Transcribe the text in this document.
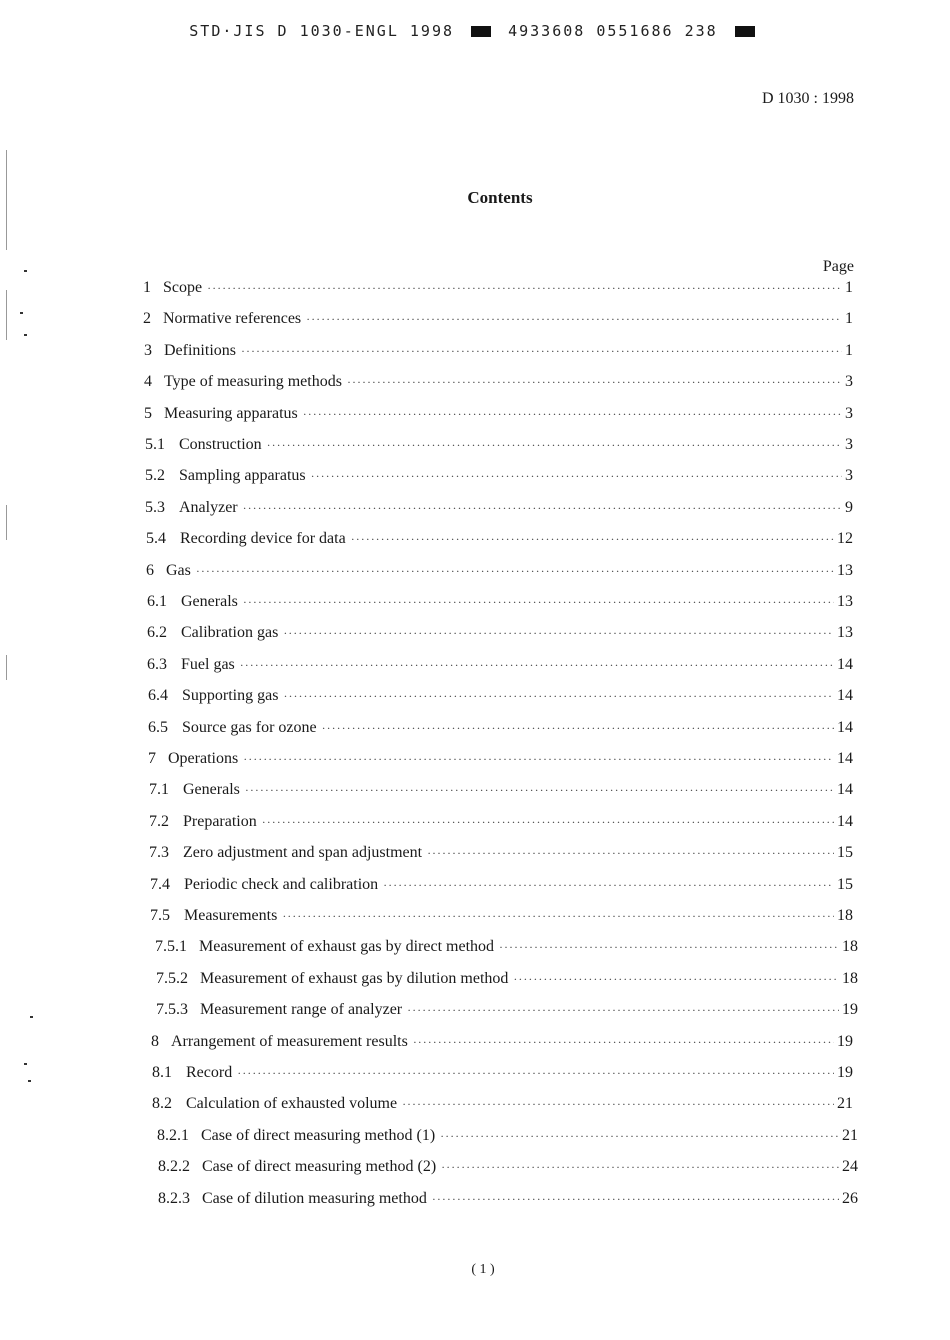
STD·JIS D 1030-ENGL 1998	4933608 0551686 238
D 1030 : 1998
Contents
Page
1 Scope ·····	1
2 Normative references ·····	1
3 Definitions ·····	1
4 Type of measuring methods ·····	3
5 Measuring apparatus ·····	3
5.1 Construction ·····	3
5.2 Sampling apparatus ·····	3
5.3 Analyzer ·····	9
5.4 Recording device for data ·····	12
6 Gas ·····	13
6.1 Generals ·····	13
6.2 Calibration gas ·····	13
6.3 Fuel gas ·····	14
6.4 Supporting gas ·····	14
6.5 Source gas for ozone ·····	14
7 Operations ·····	14
7.1 Generals ·····	14
7.2 Preparation ·····	14
7.3 Zero adjustment and span adjustment ·····	15
7.4 Periodic check and calibration ·····	15
7.5 Measurements ·····	18
7.5.1 Measurement of exhaust gas by direct method ·····	18
7.5.2 Measurement of exhaust gas by dilution method ·····	18
7.5.3 Measurement range of analyzer ·····	19
8 Arrangement of measurement results ·····	19
8.1 Record ·····	19
8.2 Calculation of exhausted volume ·····	21
8.2.1 Case of direct measuring method (1) ·····	21
8.2.2 Case of direct measuring method (2) ·····	24
8.2.3 Case of dilution measuring method ·····	26
( 1 )
